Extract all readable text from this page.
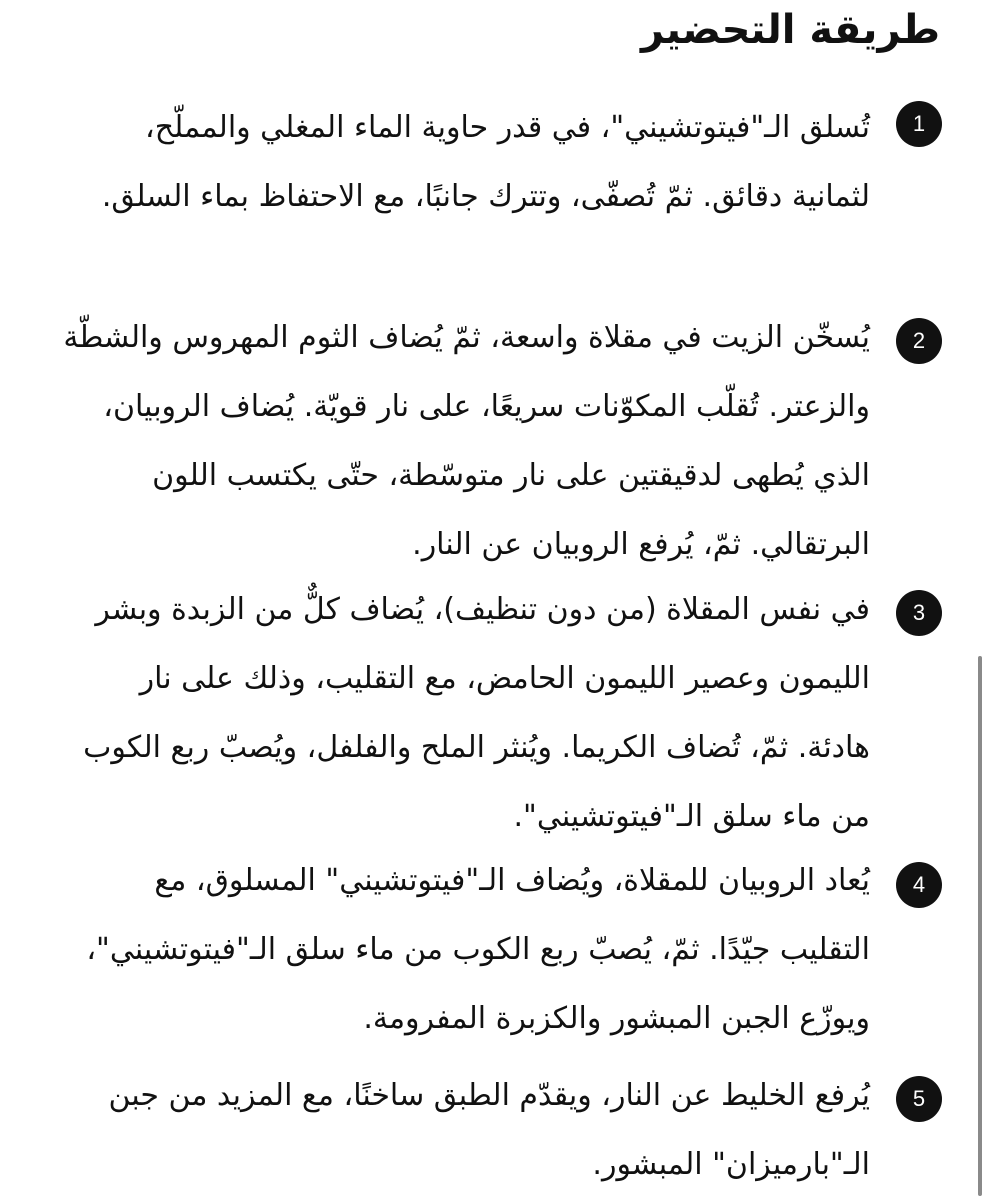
طريقة التحضير
1

تُسلق الـ"فيتوتشيني"، في قدر حاوية الماء المغلي والمملّح، لثمانية دقائق. ثمّ تُصفّى، وتترك جانبًا، مع الاحتفاظ بماء السلق.

2

يُسخّن الزيت في مقلاة واسعة، ثمّ يُضاف الثوم المهروس والشطّة والزعتر. تُقلّب المكوّنات سريعًا، على نار قويّة. يُضاف الروبيان، الذي يُطهى لدقيقتين على نار متوسّطة، حتّى يكتسب اللون البرتقالي. ثمّ، يُرفع الروبيان عن النار.

3

في نفس المقلاة (من دون تنظيف)، يُضاف كلٌّ من الزبدة وبشر الليمون وعصير الليمون الحامض، مع التقليب، وذلك على نار هادئة. ثمّ، تُضاف الكريما. ويُنثر الملح والفلفل، ويُصبّ ربع الكوب من ماء سلق الـ"فيتوتشيني".

4

يُعاد الروبيان للمقلاة، ويُضاف الـ"فيتوتشيني" المسلوق، مع التقليب جيّدًا. ثمّ، يُصبّ ربع الكوب من ماء سلق الـ"فيتوتشيني"، ويوزّع الجبن المبشور والكزبرة المفرومة.

5

يُرفع الخليط عن النار، ويقدّم الطبق ساخنًا، مع المزيد من جبن الـ"بارميزان" المبشور.
